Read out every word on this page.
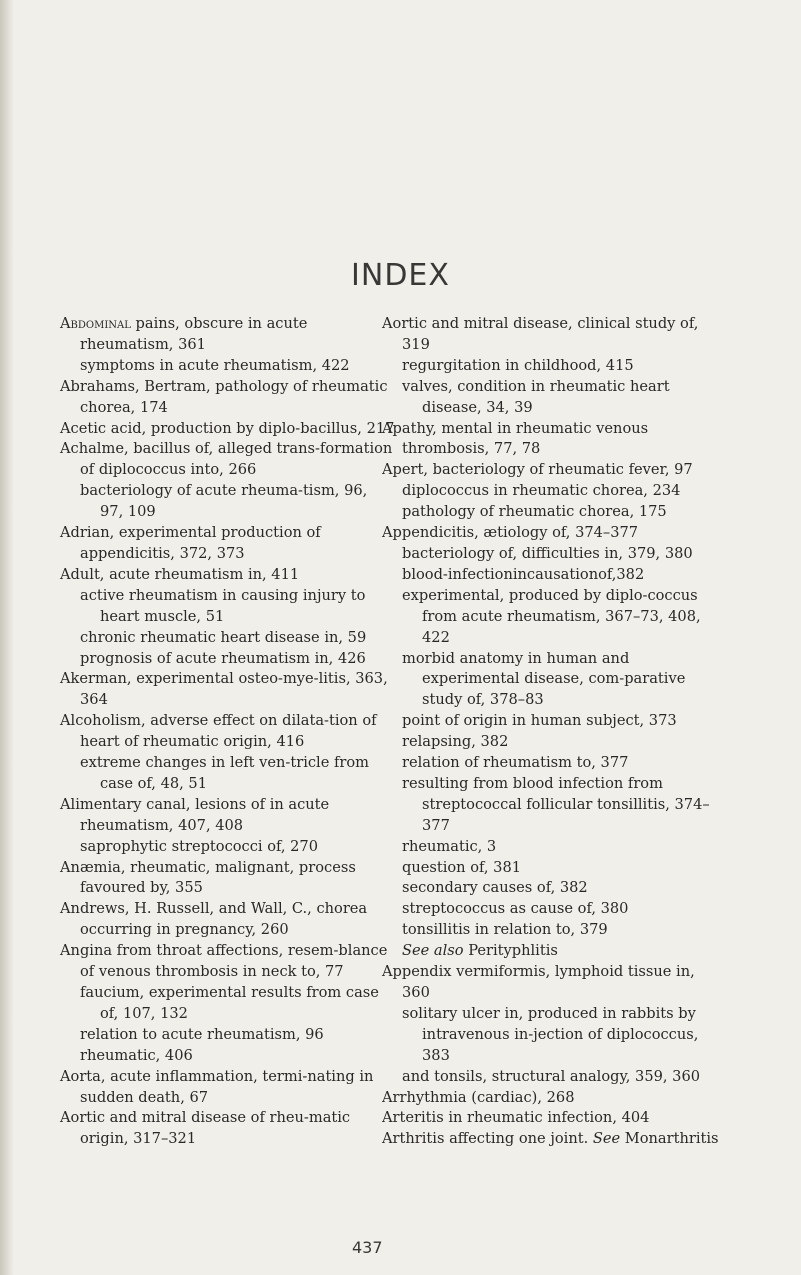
INDEX

Abdominal pains, obscure in acute rheumatism, 361

symptoms in acute rheumatism, 422

Abrahams, Bertram, pathology of rheumatic chorea, 174

Acetic acid, production by diplo-bacillus, 217

Achalme, bacillus of, alleged trans-formation of diplococcus into, 266

bacteriology of acute rheuma-tism, 96, 97, 109

Adrian, experimental production of appendicitis, 372, 373

Adult, acute rheumatism in, 411

active rheumatism in causing injury to heart muscle, 51

chronic rheumatic heart disease in, 59

prognosis of acute rheumatism in, 426

Akerman, experimental osteo-mye-litis, 363, 364

Alcoholism, adverse effect on dilata-tion of heart of rheumatic origin, 416

extreme changes in left ven-tricle from case of, 48, 51

Alimentary canal, lesions of in acute rheumatism, 407, 408

saprophytic streptococci of, 270

Anæmia, rheumatic, malignant, process favoured by, 355

Andrews, H. Russell, and Wall, C., chorea occurring in pregnancy, 260

Angina from throat affections, resem-blance of venous thrombosis in neck to, 77

faucium, experimental results from case of, 107, 132

relation to acute rheumatism, 96

rheumatic, 406

Aorta, acute inflammation, termi-nating in sudden death, 67

Aortic and mitral disease of rheu-matic origin, 317–321

Aortic and mitral disease, clinical study of, 319

regurgitation in childhood, 415

valves, condition in rheumatic heart disease, 34, 39

Apathy, mental in rheumatic venous thrombosis, 77, 78

Apert, bacteriology of rheumatic fever, 97

diplococcus in rheumatic chorea, 234

pathology of rheumatic chorea, 175

Appendicitis, ætiology of, 374–377

bacteriology of, difficulties in, 379, 380

blood-infectionincausationof,382

experimental, produced by diplo-coccus from acute rheumatism, 367–73, 408, 422

morbid anatomy in human and experimental disease, com-parative study of, 378–83

point of origin in human subject, 373

relapsing, 382

relation of rheumatism to, 377

resulting from blood infection from streptococcal follicular tonsillitis, 374–377

rheumatic, 3

question of, 381

secondary causes of, 382

streptococcus as cause of, 380

tonsillitis in relation to, 379

See also Perityphlitis

Appendix vermiformis, lymphoid tissue in, 360

solitary ulcer in, produced in rabbits by intravenous in-jection of diplococcus, 383

and tonsils, structural analogy, 359, 360

Arrhythmia (cardiac), 268

Arteritis in rheumatic infection, 404

Arthritis affecting one joint. See Monarthritis

437
